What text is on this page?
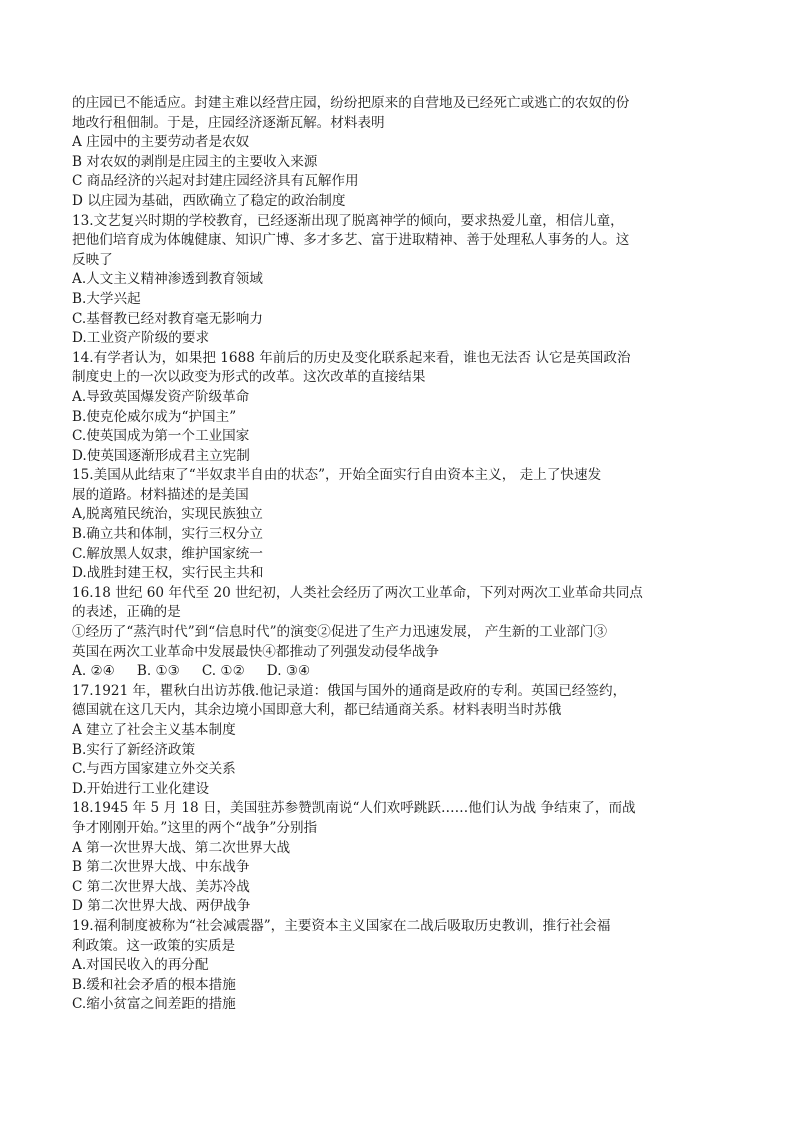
的庄园已不能适应。封建主难以经营庄园，纷纷把原来的自营地及已经死亡或逃亡的农奴的份
地改行租佃制。于是，庄园经济逐渐瓦解。材料表明
A 庄园中的主要劳动者是农奴
B 对农奴的剥削是庄园主的主要收入来源
C 商品经济的兴起对封建庄园经济具有瓦解作用
D 以庄园为基础，西欧确立了稳定的政治制度
13.文艺复兴时期的学校教育，已经逐渐出现了脱离神学的倾向，要求热爱儿童，相信儿童，
把他们培育成为体魄健康、知识广博、多才多艺、富于进取精神、善于处理私人事务的人。这
反映了
A.人文主义精神渗透到教育领域
B.大学兴起
C.基督教已经对教育毫无影响力
D.工业资产阶级的要求
14.有学者认为，如果把 1688 年前后的历史及变化联系起来看，谁也无法否 认它是英国政治
制度史上的一次以政变为形式的改革。这次改革的直接结果
A.导致英国爆发资产阶级革命
B.使克伦威尔成为“护国主”
C.使英国成为第一个工业国家
D.使英国逐渐形成君主立宪制
15.美国从此结束了“半奴隶半自由的状态”，开始全面实行自由资本主义， 走上了快速发
展的道路。材料描述的是美国
A,脱离殖民统治，实现民族独立
B.确立共和体制，实行三权分立
C.解放黑人奴隶，维护国家统一
D.战胜封建王权，实行民主共和
16.18 世纪 60 年代至 20 世纪初，人类社会经历了两次工业革命，下列对两次工业革命共同点
的表述，正确的是
①经历了“蒸汽时代”到“信息时代”的演变②促进了生产力迅速发展， 产生新的工业部门③
英国在两次工业革命中发展最快④都推动了列强发动侵华战争
A. ②④ B. ①③ C. ①② D. ③④
17.1921 年，瞿秋白出访苏俄.他记录道：俄国与国外的通商是政府的专利。英国已经签约，
德国就在这几天内，其余边境小国即意大利，都已结通商关系。材料表明当时苏俄
A 建立了社会主义基本制度
B.实行了新经济政策
C.与西方国家建立外交关系
D.开始进行工业化建设
18.1945 年 5 月 18 日，美国驻苏参赞凯南说“人们欢呼跳跃……他们认为战 争结束了，而战
争才刚刚开始。”这里的两个“战争”分别指
A 第一次世界大战、第二次世界大战
B 第二次世界大战、中东战争
C 第二次世界大战、美苏冷战
D 第二次世界大战、两伊战争
19.福利制度被称为“社会减震器”，主要资本主义国家在二战后吸取历史教训，推行社会福
利政策。这一政策的实质是
A.对国民收入的再分配
B.缓和社会矛盾的根本措施
C.缩小贫富之间差距的措施
